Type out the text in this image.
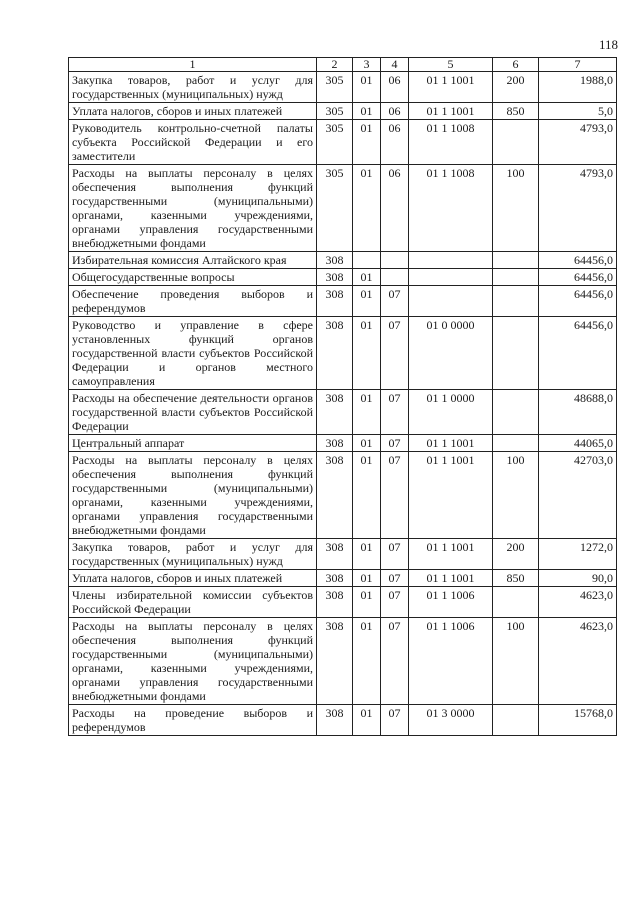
118
1	2	3	4	5	6	7
Закупка товаров, работ и услуг для государственных (муниципальных) нужд	305	01	06	01 1 1001	200	1988,0
Уплата налогов, сборов и иных платежей	305	01	06	01 1 1001	850	5,0
Руководитель контрольно-счетной палаты субъекта Российской Федерации и его заместители	305	01	06	01 1 1008		4793,0
Расходы на выплаты персоналу в целях обеспечения выполнения функций государственными (муниципальными) органами, казенными учреждениями, органами управления государственными внебюджетными фондами	305	01	06	01 1 1008	100	4793,0
Избирательная комиссия Алтайского края	308					64456,0
Общегосударственные вопросы	308	01				64456,0
Обеспечение проведения выборов и референдумов	308	01	07			64456,0
Руководство и управление в сфере установленных функций органов государственной власти субъектов Российской Федерации и органов местного самоуправления	308	01	07	01 0 0000		64456,0
Расходы на обеспечение деятельности органов государственной власти субъектов Российской Федерации	308	01	07	01 1 0000		48688,0
Центральный аппарат	308	01	07	01 1 1001		44065,0
Расходы на выплаты персоналу в целях обеспечения выполнения функций государственными (муниципальными) органами, казенными учреждениями, органами управления государственными внебюджетными фондами	308	01	07	01 1 1001	100	42703,0
Закупка товаров, работ и услуг для государственных (муниципальных) нужд	308	01	07	01 1 1001	200	1272,0
Уплата налогов, сборов и иных платежей	308	01	07	01 1 1001	850	90,0
Члены избирательной комиссии субъектов Российской Федерации	308	01	07	01 1 1006		4623,0
Расходы на выплаты персоналу в целях обеспечения выполнения функций государственными (муниципальными) органами, казенными учреждениями, органами управления государственными внебюджетными фондами	308	01	07	01 1 1006	100	4623,0
Расходы на проведение выборов и референдумов	308	01	07	01 3 0000		15768,0
